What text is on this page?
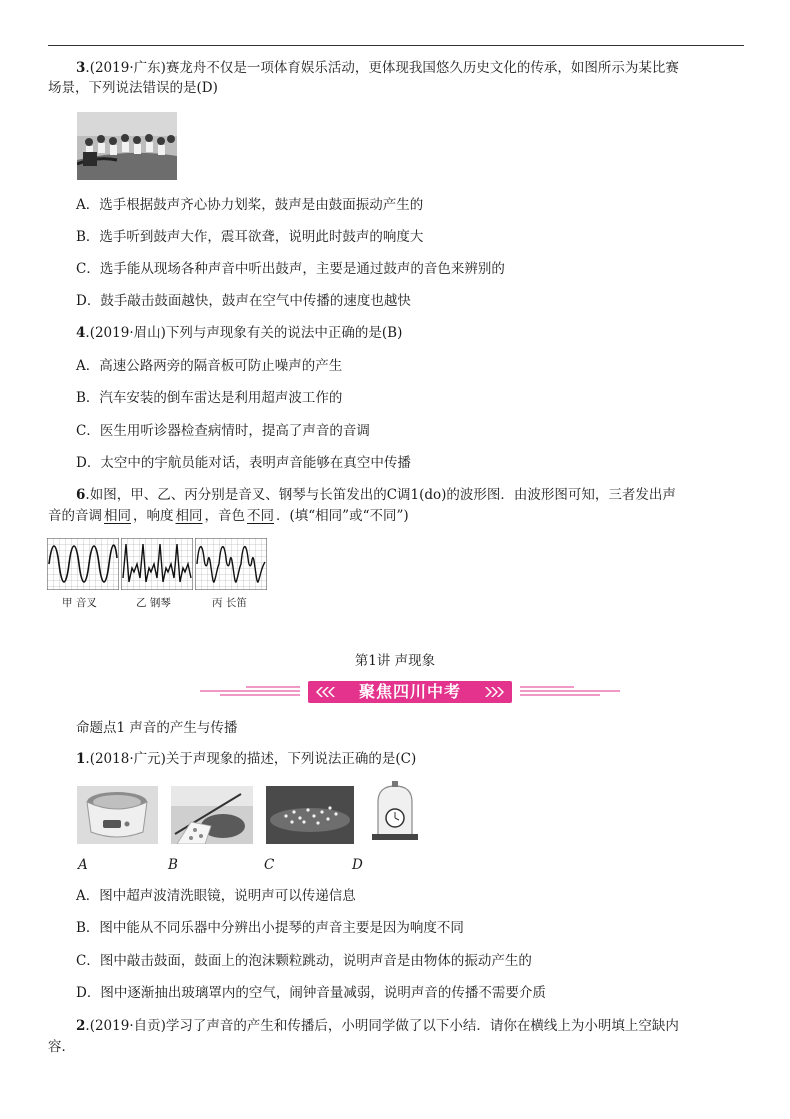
3.(2019·广东)赛龙舟不仅是一项体育娱乐活动，更体现我国悠久历史文化的传承，如图所示为某比赛
场景，下列说法错误的是(D)
A．选手根据鼓声齐心协力划桨，鼓声是由鼓面振动产生的
B．选手听到鼓声大作，震耳欲聋，说明此时鼓声的响度大
C．选手能从现场各种声音中听出鼓声，主要是通过鼓声的音色来辨别的
D．鼓手敲击鼓面越快，鼓声在空气中传播的速度也越快
4.(2019·眉山)下列与声现象有关的说法中正确的是(B)
A．高速公路两旁的隔音板可防止噪声的产生
B．汽车安装的倒车雷达是利用超声波工作的
C．医生用听诊器检查病情时，提高了声音的音调
D．太空中的宇航员能对话，表明声音能够在真空中传播
6.如图，甲、乙、丙分别是音叉、钢琴与长笛发出的C调1(do)的波形图．由波形图可知，三者发出声
音的音调 相同 ，响度 相同 ，音色 不同 ．(填“相同”或“不同”)
甲 音叉	乙 钢琴	丙 长笛
第1讲 声现象
聚焦四川中考
命题点1 声音的产生与传播
1.(2018·广元)关于声现象的描述，下列说法正确的是(C)
A	B	C	D
A．图中超声波清洗眼镜，说明声可以传递信息
B．图中能从不同乐器中分辨出小提琴的声音主要是因为响度不同
C．图中敲击鼓面，鼓面上的泡沫颗粒跳动，说明声音是由物体的振动产生的
D．图中逐渐抽出玻璃罩内的空气，闹钟音量减弱，说明声音的传播不需要介质
2.(2019·自贡)学习了声音的产生和传播后，小明同学做了以下小结．请你在横线上为小明填上空缺内
容．
